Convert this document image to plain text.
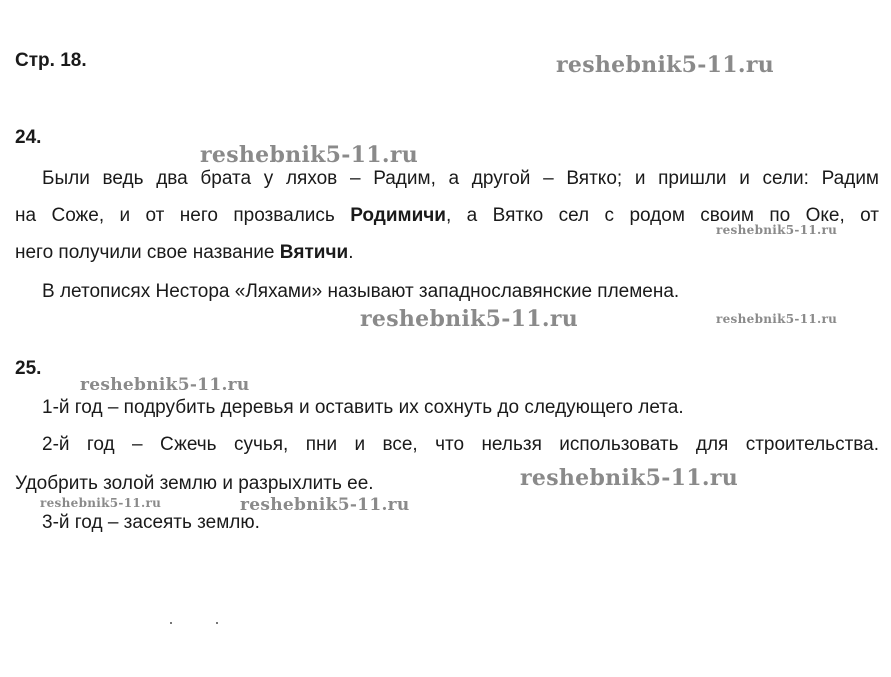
Стр. 18.	reshebnik5-11.ru
reshebnik5-11.ru
reshebnik5-11.ru
reshebnik5-11.ru	reshebnik5-11.ru
reshebnik5-11.ru
reshebnik5-11.ru
reshebnik5-11.ru	reshebnik5-11.ru
24.
Были ведь два брата у ляхов – Радим, а другой – Вятко; и пришли и сели: Радим
на Соже, и от него прозвались Родимичи, а Вятко сел с родом своим по Оке, от
него получили свое название Вятичи.
В летописях Нестора «Ляхами» называют западнославянские племена.
25.
1-й год – подрубить деревья и оставить их сохнуть до следующего лета.
2-й год – Сжечь сучья, пни и все, что нельзя использовать для строительства.
Удобрить золой землю и разрыхлить ее.
3-й год – засеять землю.
